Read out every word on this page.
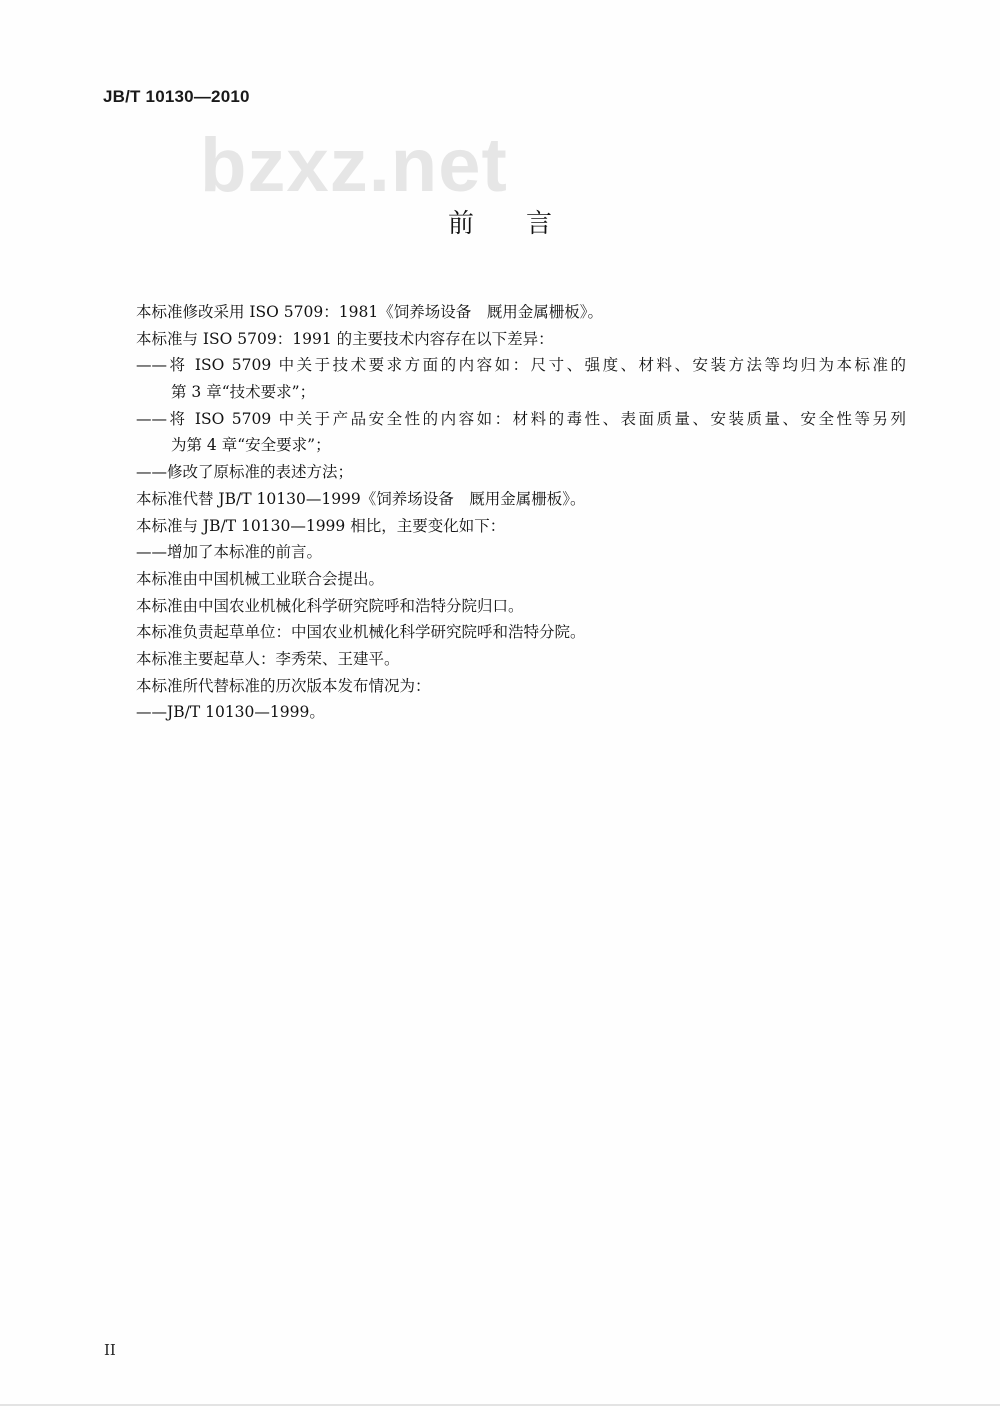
JB/T 10130—2010
bzxz.net
前言
本标准修改采用 ISO 5709：1981《饲养场设备　厩用金属栅板》。
本标准与 ISO 5709：1991 的主要技术内容存在以下差异：
——将 ISO 5709 中关于技术要求方面的内容如：尺寸、强度、材料、安装方法等均归为本标准的
第 3 章“技术要求”；
——将 ISO 5709 中关于产品安全性的内容如：材料的毒性、表面质量、安装质量、安全性等另列
为第 4 章“安全要求”；
——修改了原标准的表述方法；
本标准代替 JB/T 10130—1999《饲养场设备　厩用金属栅板》。
本标准与 JB/T 10130—1999 相比，主要变化如下：
——增加了本标准的前言。
本标准由中国机械工业联合会提出。
本标准由中国农业机械化科学研究院呼和浩特分院归口。
本标准负责起草单位：中国农业机械化科学研究院呼和浩特分院。
本标准主要起草人：李秀荣、王建平。
本标准所代替标准的历次版本发布情况为：
——JB/T 10130—1999。
II
